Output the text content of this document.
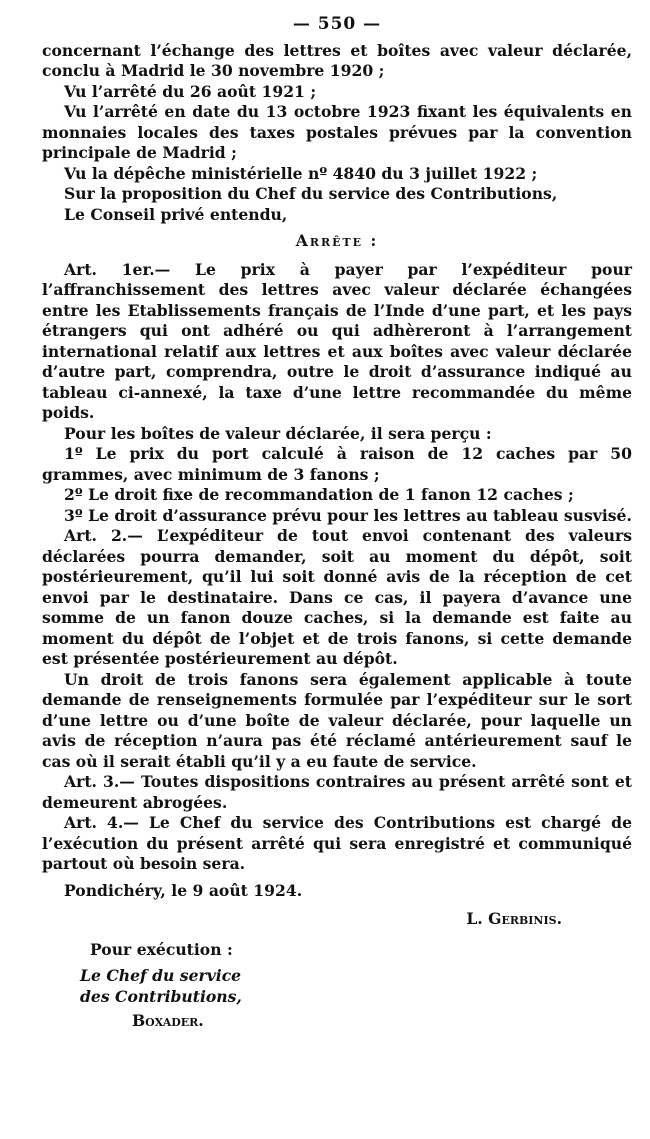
— 550 —

concernant l’échange des lettres et boîtes avec valeur déclarée, conclu à Madrid le 30 novembre 1920 ;

Vu l’arrêté du 26 août 1921 ;

Vu l’arrêté en date du 13 octobre 1923 fixant les équivalents en monnaies locales des taxes postales prévues par la convention principale de Madrid ;

Vu la dépêche ministérielle nº 4840 du 3 juillet 1922 ;

Sur la proposition du Chef du service des Contributions,

Le Conseil privé entendu,

Arrête :

Art. 1er.— Le prix à payer par l’expéditeur pour l’affranchissement des lettres avec valeur déclarée échangées entre les Etablissements français de l’Inde d’une part, et les pays étrangers qui ont adhéré ou qui adhèreront à l’arrangement international relatif aux lettres et aux boîtes avec valeur déclarée d’autre part, comprendra, outre le droit d’assurance indiqué au tableau ci-annexé, la taxe d’une lettre recommandée du même poids.

Pour les boîtes de valeur déclarée, il sera perçu :

1º Le prix du port calculé à raison de 12 caches par 50 grammes, avec minimum de 3 fanons ;

2º Le droit fixe de recommandation de 1 fanon 12 caches ;

3º Le droit d’assurance prévu pour les lettres au tableau susvisé.

Art. 2.— L’expéditeur de tout envoi contenant des valeurs déclarées pourra demander, soit au moment du dépôt, soit postérieurement, qu’il lui soit donné avis de la réception de cet envoi par le destinataire. Dans ce cas, il payera d’avance une somme de un fanon douze caches, si la demande est faite au moment du dépôt de l’objet et de trois fanons, si cette demande est présentée postérieurement au dépôt.

Un droit de trois fanons sera également applicable à toute demande de renseignements formulée par l’expéditeur sur le sort d’une lettre ou d’une boîte de valeur déclarée, pour laquelle un avis de réception n’aura pas été réclamé antérieurement sauf le cas où il serait établi qu’il y a eu faute de service.

Art. 3.— Toutes dispositions contraires au présent arrêté sont et demeurent abrogées.

Art. 4.— Le Chef du service des Contributions est chargé de l’exécution du présent arrêté qui sera enregistré et communiqué partout où besoin sera.

Pondichéry, le 9 août 1924.

L. Gerbinis.
Pour exécution :
Le Chef du service
des Contributions,
Boxader.
